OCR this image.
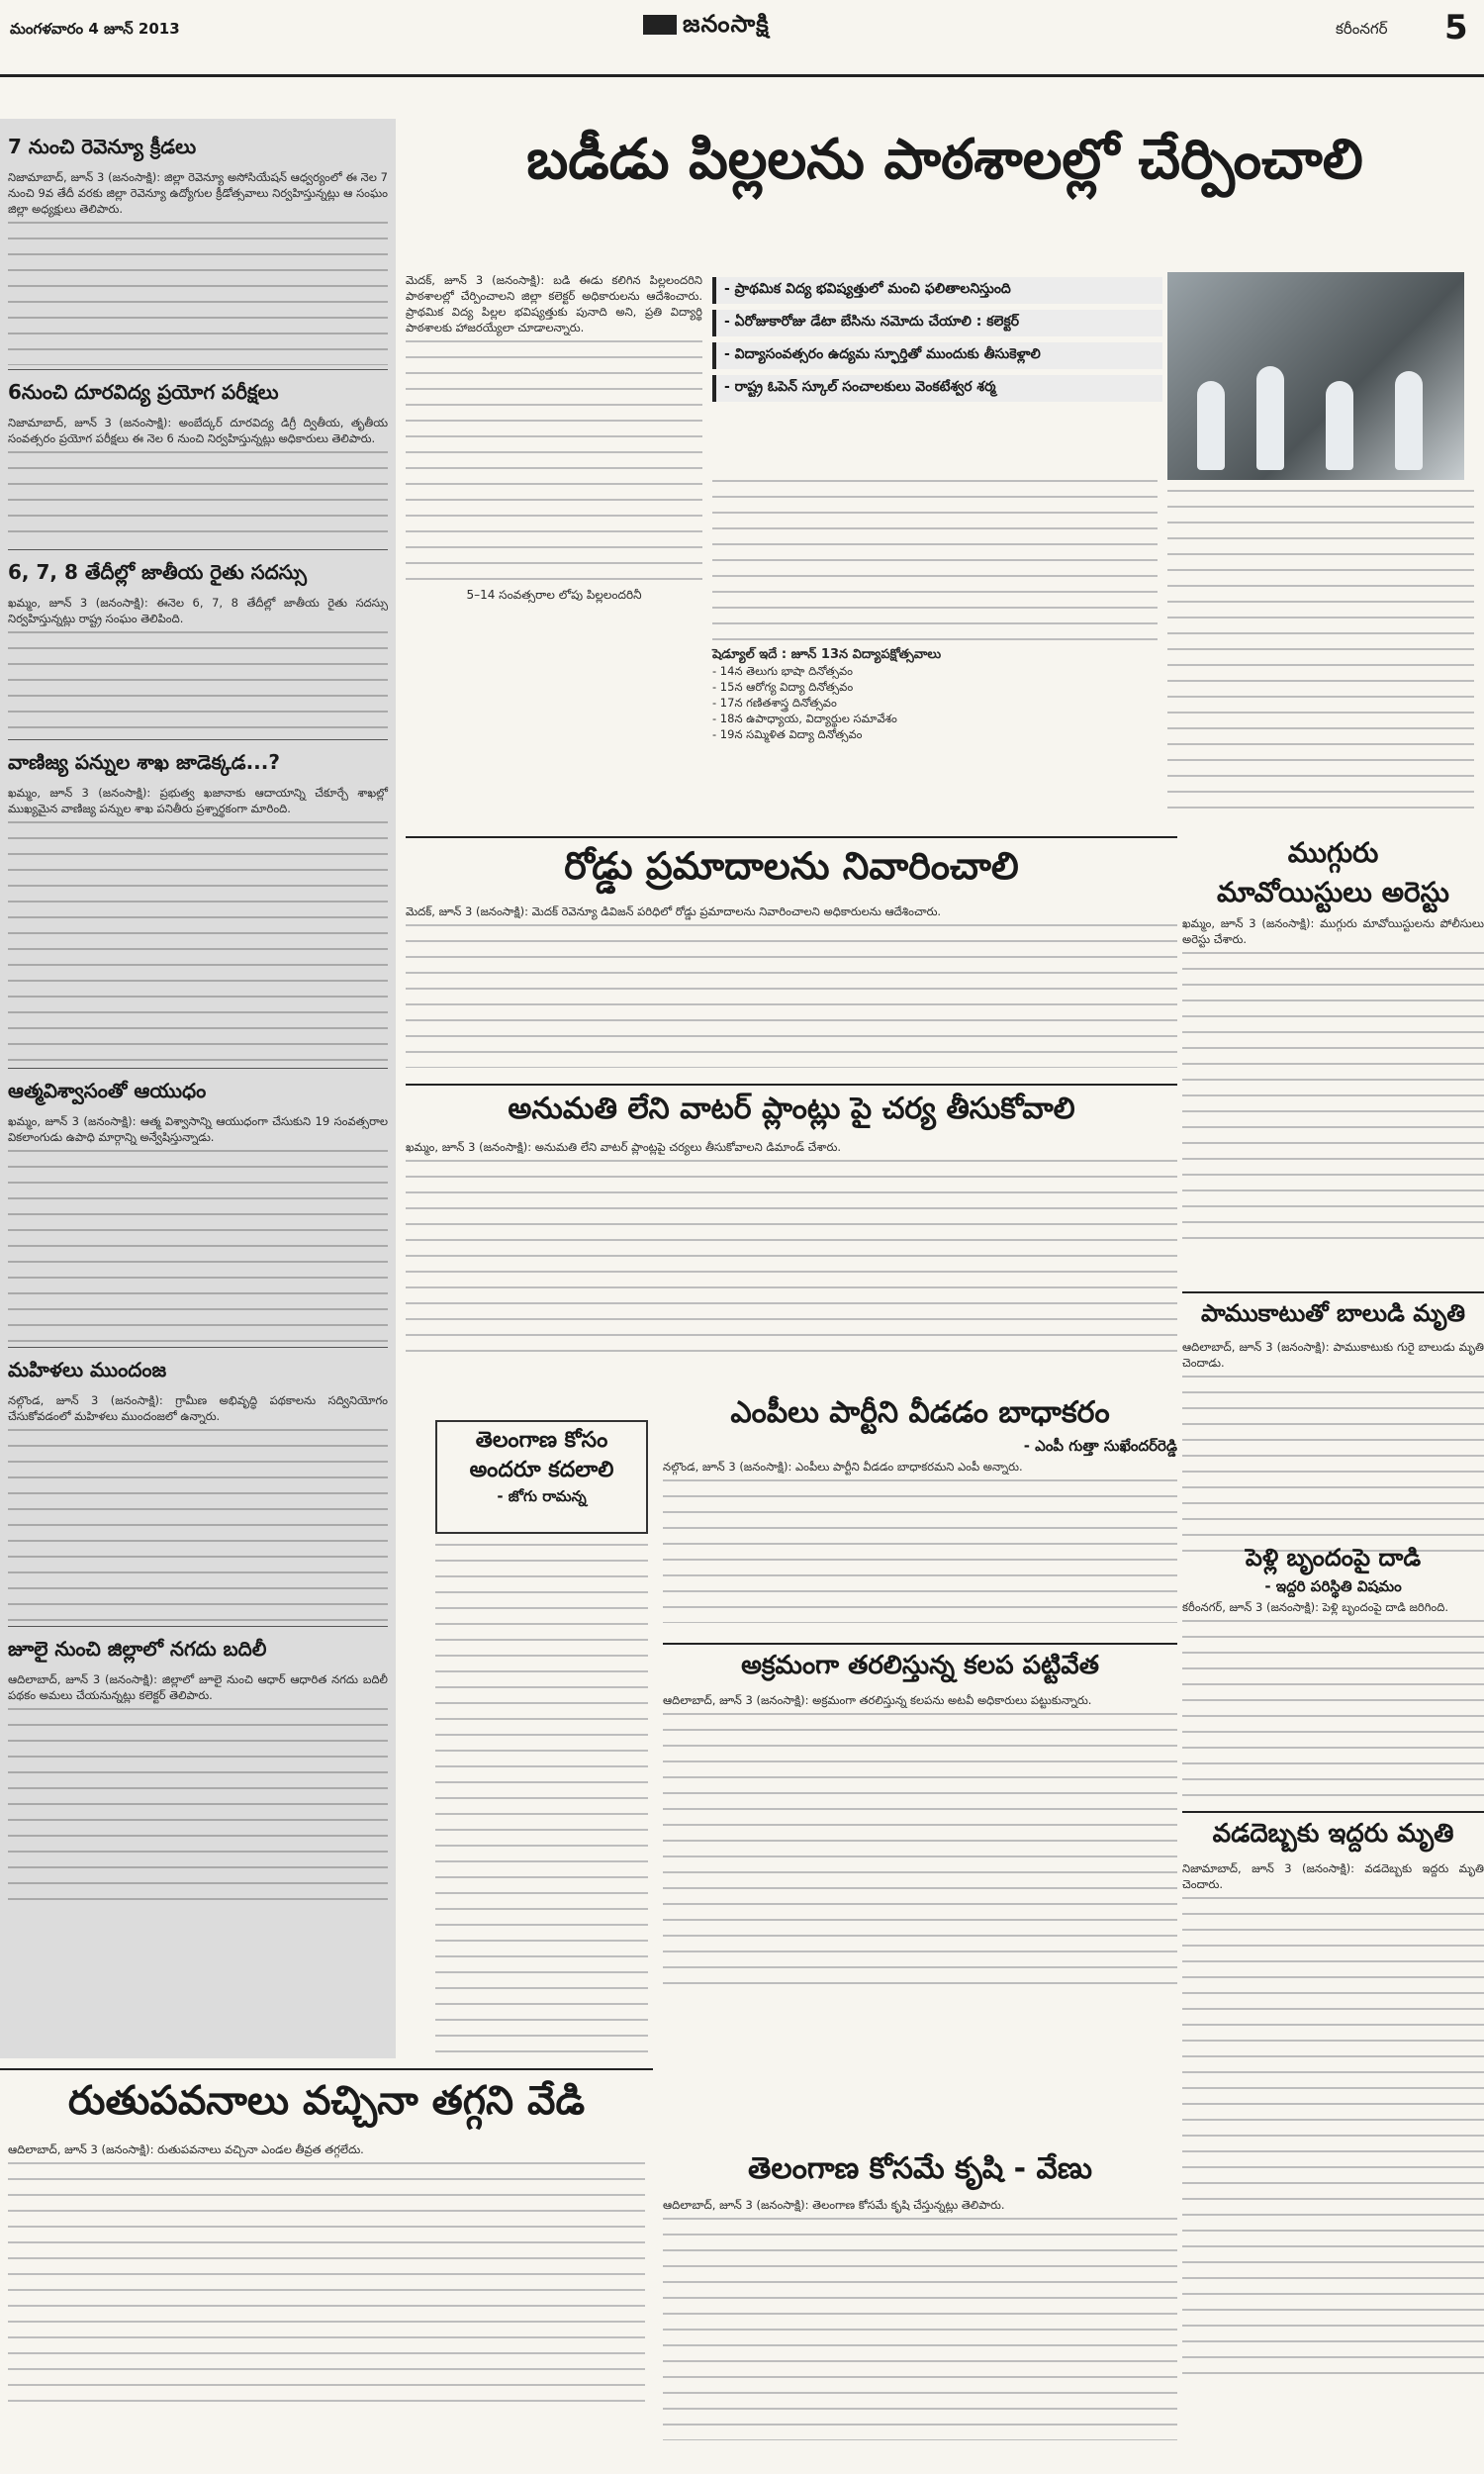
మంగళవారం 4 జూన్ 2013	జనంసాక్షి	కరీంనగర్ 5
7 నుంచి రెవెన్యూ క్రీడలు
నిజామాబాద్, జూన్ 3 (జనంసాక్షి): జిల్లా రెవెన్యూ అసోసియేషన్ ఆధ్వర్యంలో ఈ నెల 7 నుంచి 9వ తేదీ వరకు జిల్లా రెవెన్యూ ఉద్యోగుల క్రీడోత్సవాలు నిర్వహిస్తున్నట్లు ఆ సంఘం జిల్లా అధ్యక్షులు తెలిపారు.
6నుంచి దూరవిద్య ప్రయోగ పరీక్షలు
నిజామాబాద్, జూన్ 3 (జనంసాక్షి): అంబేద్కర్ దూరవిద్య డిగ్రీ ద్వితీయ, తృతీయ సంవత్సరం ప్రయోగ పరీక్షలు ఈ నెల 6 నుంచి నిర్వహిస్తున్నట్లు అధికారులు తెలిపారు.
6, 7, 8 తేదీల్లో జాతీయ రైతు సదస్సు
ఖమ్మం, జూన్ 3 (జనంసాక్షి): ఈనెల 6, 7, 8 తేదీల్లో జాతీయ రైతు సదస్సు నిర్వహిస్తున్నట్లు రాష్ట్ర సంఘం తెలిపింది.
వాణిజ్య పన్నుల శాఖ జాడెక్కడ...?
ఖమ్మం, జూన్ 3 (జనంసాక్షి): ప్రభుత్వ ఖజానాకు ఆదాయాన్ని చేకూర్చే శాఖల్లో ముఖ్యమైన వాణిజ్య పన్నుల శాఖ పనితీరు ప్రశ్నార్థకంగా మారింది.
ఆత్మవిశ్వాసంతో ఆయుధం
ఖమ్మం, జూన్ 3 (జనంసాక్షి): ఆత్మ విశ్వాసాన్ని ఆయుధంగా చేసుకుని 19 సంవత్సరాల వికలాంగుడు ఉపాధి మార్గాన్ని అన్వేషిస్తున్నాడు.
మహిళలు ముందంజ
నల్గొండ, జూన్ 3 (జనంసాక్షి): గ్రామీణ అభివృద్ధి పథకాలను సద్వినియోగం చేసుకోవడంలో మహిళలు ముందంజలో ఉన్నారు.
జూలై నుంచి జిల్లాలో నగదు బదిలీ
ఆదిలాబాద్, జూన్ 3 (జనంసాక్షి): జిల్లాలో జూలై నుంచి ఆధార్ ఆధారిత నగదు బదిలీ పథకం అమలు చేయనున్నట్లు కలెక్టర్ తెలిపారు.
బడీడు పిల్లలను పాఠశాలల్లో చేర్పించాలి
మెదక్, జూన్ 3 (జనంసాక్షి): బడి ఈడు కలిగిన పిల్లలందరిని పాఠశాలల్లో చేర్పించాలని జిల్లా కలెక్టర్ అధికారులను ఆదేశించారు. ప్రాథమిక విద్య పిల్లల భవిష్యత్తుకు పునాది అని, ప్రతి విద్యార్థి పాఠశాలకు హాజరయ్యేలా చూడాలన్నారు.
5–14 సంవత్సరాల లోపు పిల్లలందరినీ
- ప్రాథమిక విద్య భవిష్యత్తులో మంచి ఫలితాలనిస్తుంది
- ఏరోజుకారోజు డేటా బేసిను నమోదు చేయాలి : కలెక్టర్
- విద్యాసంవత్సరం ఉద్యమ స్ఫూర్తితో ముందుకు తీసుకెళ్లాలి
- రాష్ట్ర ఓపెన్ స్కూల్ సంచాలకులు వెంకటేశ్వర శర్మ
షెడ్యూల్ ఇదే : జూన్ 13న విద్యాపక్షోత్సవాలు
- 14న తెలుగు భాషా దినోత్సవం
- 15న ఆరోగ్య విద్యా దినోత్సవం
- 17న గణితశాస్త్ర దినోత్సవం
- 18న ఉపాధ్యాయ, విద్యార్థుల సమావేశం
- 19న సమ్మిళిత విద్యా దినోత్సవం
రోడ్డు ప్రమాదాలను నివారించాలి
మెదక్, జూన్ 3 (జనంసాక్షి): మెదక్ రెవెన్యూ డివిజన్ పరిధిలో రోడ్డు ప్రమాదాలను నివారించాలని అధికారులను ఆదేశించారు.
ముగ్గురు
మావోయిస్టులు అరెస్టు
ఖమ్మం, జూన్ 3 (జనంసాక్షి): ముగ్గురు మావోయిస్టులను పోలీసులు అరెస్టు చేశారు.
అనుమతి లేని వాటర్ ప్లాంట్లు పై చర్య తీసుకోవాలి
ఖమ్మం, జూన్ 3 (జనంసాక్షి): అనుమతి లేని వాటర్ ప్లాంట్లపై చర్యలు తీసుకోవాలని డిమాండ్ చేశారు.
పాముకాటుతో బాలుడి మృతి
ఆదిలాబాద్, జూన్ 3 (జనంసాక్షి): పాముకాటుకు గురై బాలుడు మృతి చెందాడు.
తెలంగాణ కోసం
అందరూ కదలాలి
- జోగు రామన్న
ఎంపీలు పార్టీని వీడడం బాధాకరం
- ఎంపీ గుత్తా సుఖేందర్‌రెడ్డి
నల్గొండ, జూన్ 3 (జనంసాక్షి): ఎంపీలు పార్టీని వీడడం బాధాకరమని ఎంపీ అన్నారు.
పెళ్లి బృందంపై దాడి
- ఇద్దరి పరిస్థితి విషమం
కరీంనగర్, జూన్ 3 (జనంసాక్షి): పెళ్లి బృందంపై దాడి జరిగింది.
అక్రమంగా తరలిస్తున్న కలప పట్టివేత
ఆదిలాబాద్, జూన్ 3 (జనంసాక్షి): అక్రమంగా తరలిస్తున్న కలపను అటవీ అధికారులు పట్టుకున్నారు.
వడదెబ్బకు ఇద్దరు మృతి
నిజామాబాద్, జూన్ 3 (జనంసాక్షి): వడదెబ్బకు ఇద్దరు మృతి చెందారు.
రుతుపవనాలు వచ్చినా తగ్గని వేడి
ఆదిలాబాద్, జూన్ 3 (జనంసాక్షి): రుతుపవనాలు వచ్చినా ఎండల తీవ్రత తగ్గలేదు.
తెలంగాణ కోసమే కృషి - వేణు
ఆదిలాబాద్, జూన్ 3 (జనంసాక్షి): తెలంగాణ కోసమే కృషి చేస్తున్నట్లు తెలిపారు.
